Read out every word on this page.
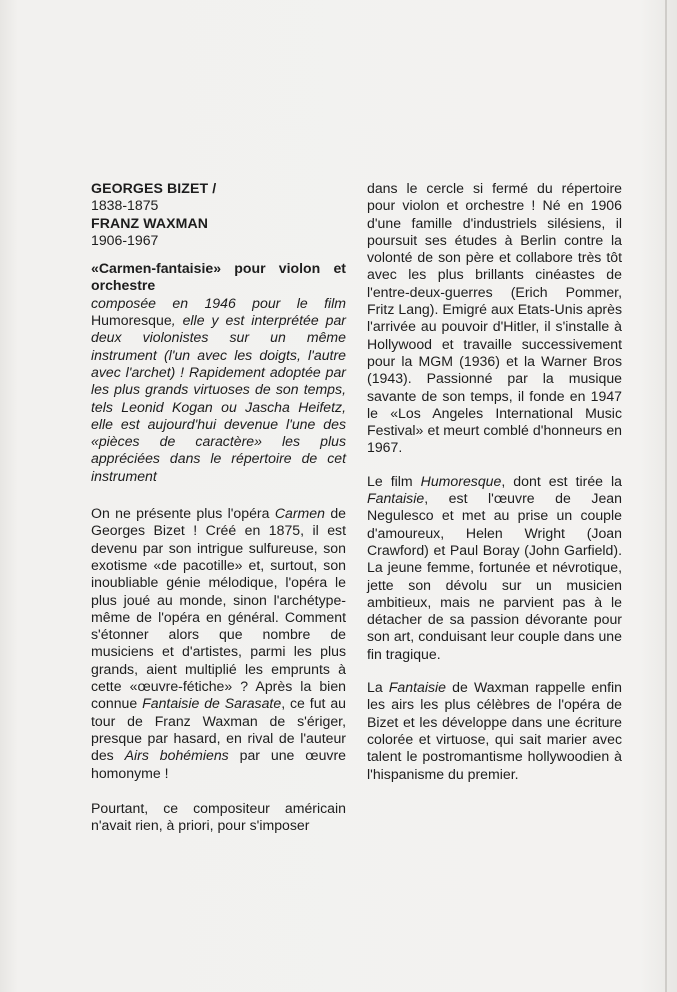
GEORGES BIZET /
1838-1875
FRANZ WAXMAN
1906-1967
«Carmen-fantaisie» pour violon et orchestre

composée en 1946 pour le film Humoresque, elle y est interprétée par deux violonistes sur un même instrument (l'un avec les doigts, l'autre avec l'archet) ! Rapidement adoptée par les plus grands virtuoses de son temps, tels Leonid Kogan ou Jascha Heifetz, elle est aujourd'hui devenue l'une des «pièces de caractère» les plus appréciées dans le répertoire de cet instrument

On ne présente plus l'opéra Carmen de Georges Bizet ! Créé en 1875, il est devenu par son intrigue sulfureuse, son exotisme «de pacotille» et, surtout, son inoubliable génie mélodique, l'opéra le plus joué au monde, sinon l'archétype-même de l'opéra en général. Comment s'étonner alors que nombre de musiciens et d'artistes, parmi les plus grands, aient multiplié les emprunts à cette «œuvre-fétiche» ? Après la bien connue Fantaisie de Sarasate, ce fut au tour de Franz Waxman de s'ériger, presque par hasard, en rival de l'auteur des Airs bohémiens par une œuvre homonyme !

Pourtant, ce compositeur américain n'avait rien, à priori, pour s'imposer

dans le cercle si fermé du répertoire pour violon et orchestre ! Né en 1906 d'une famille d'industriels silésiens, il poursuit ses études à Berlin contre la volonté de son père et collabore très tôt avec les plus brillants cinéastes de l'entre-deux-guerres (Erich Pommer, Fritz Lang). Emigré aux Etats-Unis après l'arrivée au pouvoir d'Hitler, il s'installe à Hollywood et travaille successivement pour la MGM (1936) et la Warner Bros (1943). Passionné par la musique savante de son temps, il fonde en 1947 le «Los Angeles International Music Festival» et meurt comblé d'honneurs en 1967.

Le film Humoresque, dont est tirée la Fantaisie, est l'œuvre de Jean Negulesco et met au prise un couple d'amoureux, Helen Wright (Joan Crawford) et Paul Boray (John Garfield). La jeune femme, fortunée et névrotique, jette son dévolu sur un musicien ambitieux, mais ne parvient pas à le détacher de sa passion dévorante pour son art, conduisant leur couple dans une fin tragique.

La Fantaisie de Waxman rappelle enfin les airs les plus célèbres de l'opéra de Bizet et les développe dans une écriture colorée et virtuose, qui sait marier avec talent le postromantisme hollywoodien à l'hispanisme du premier.
